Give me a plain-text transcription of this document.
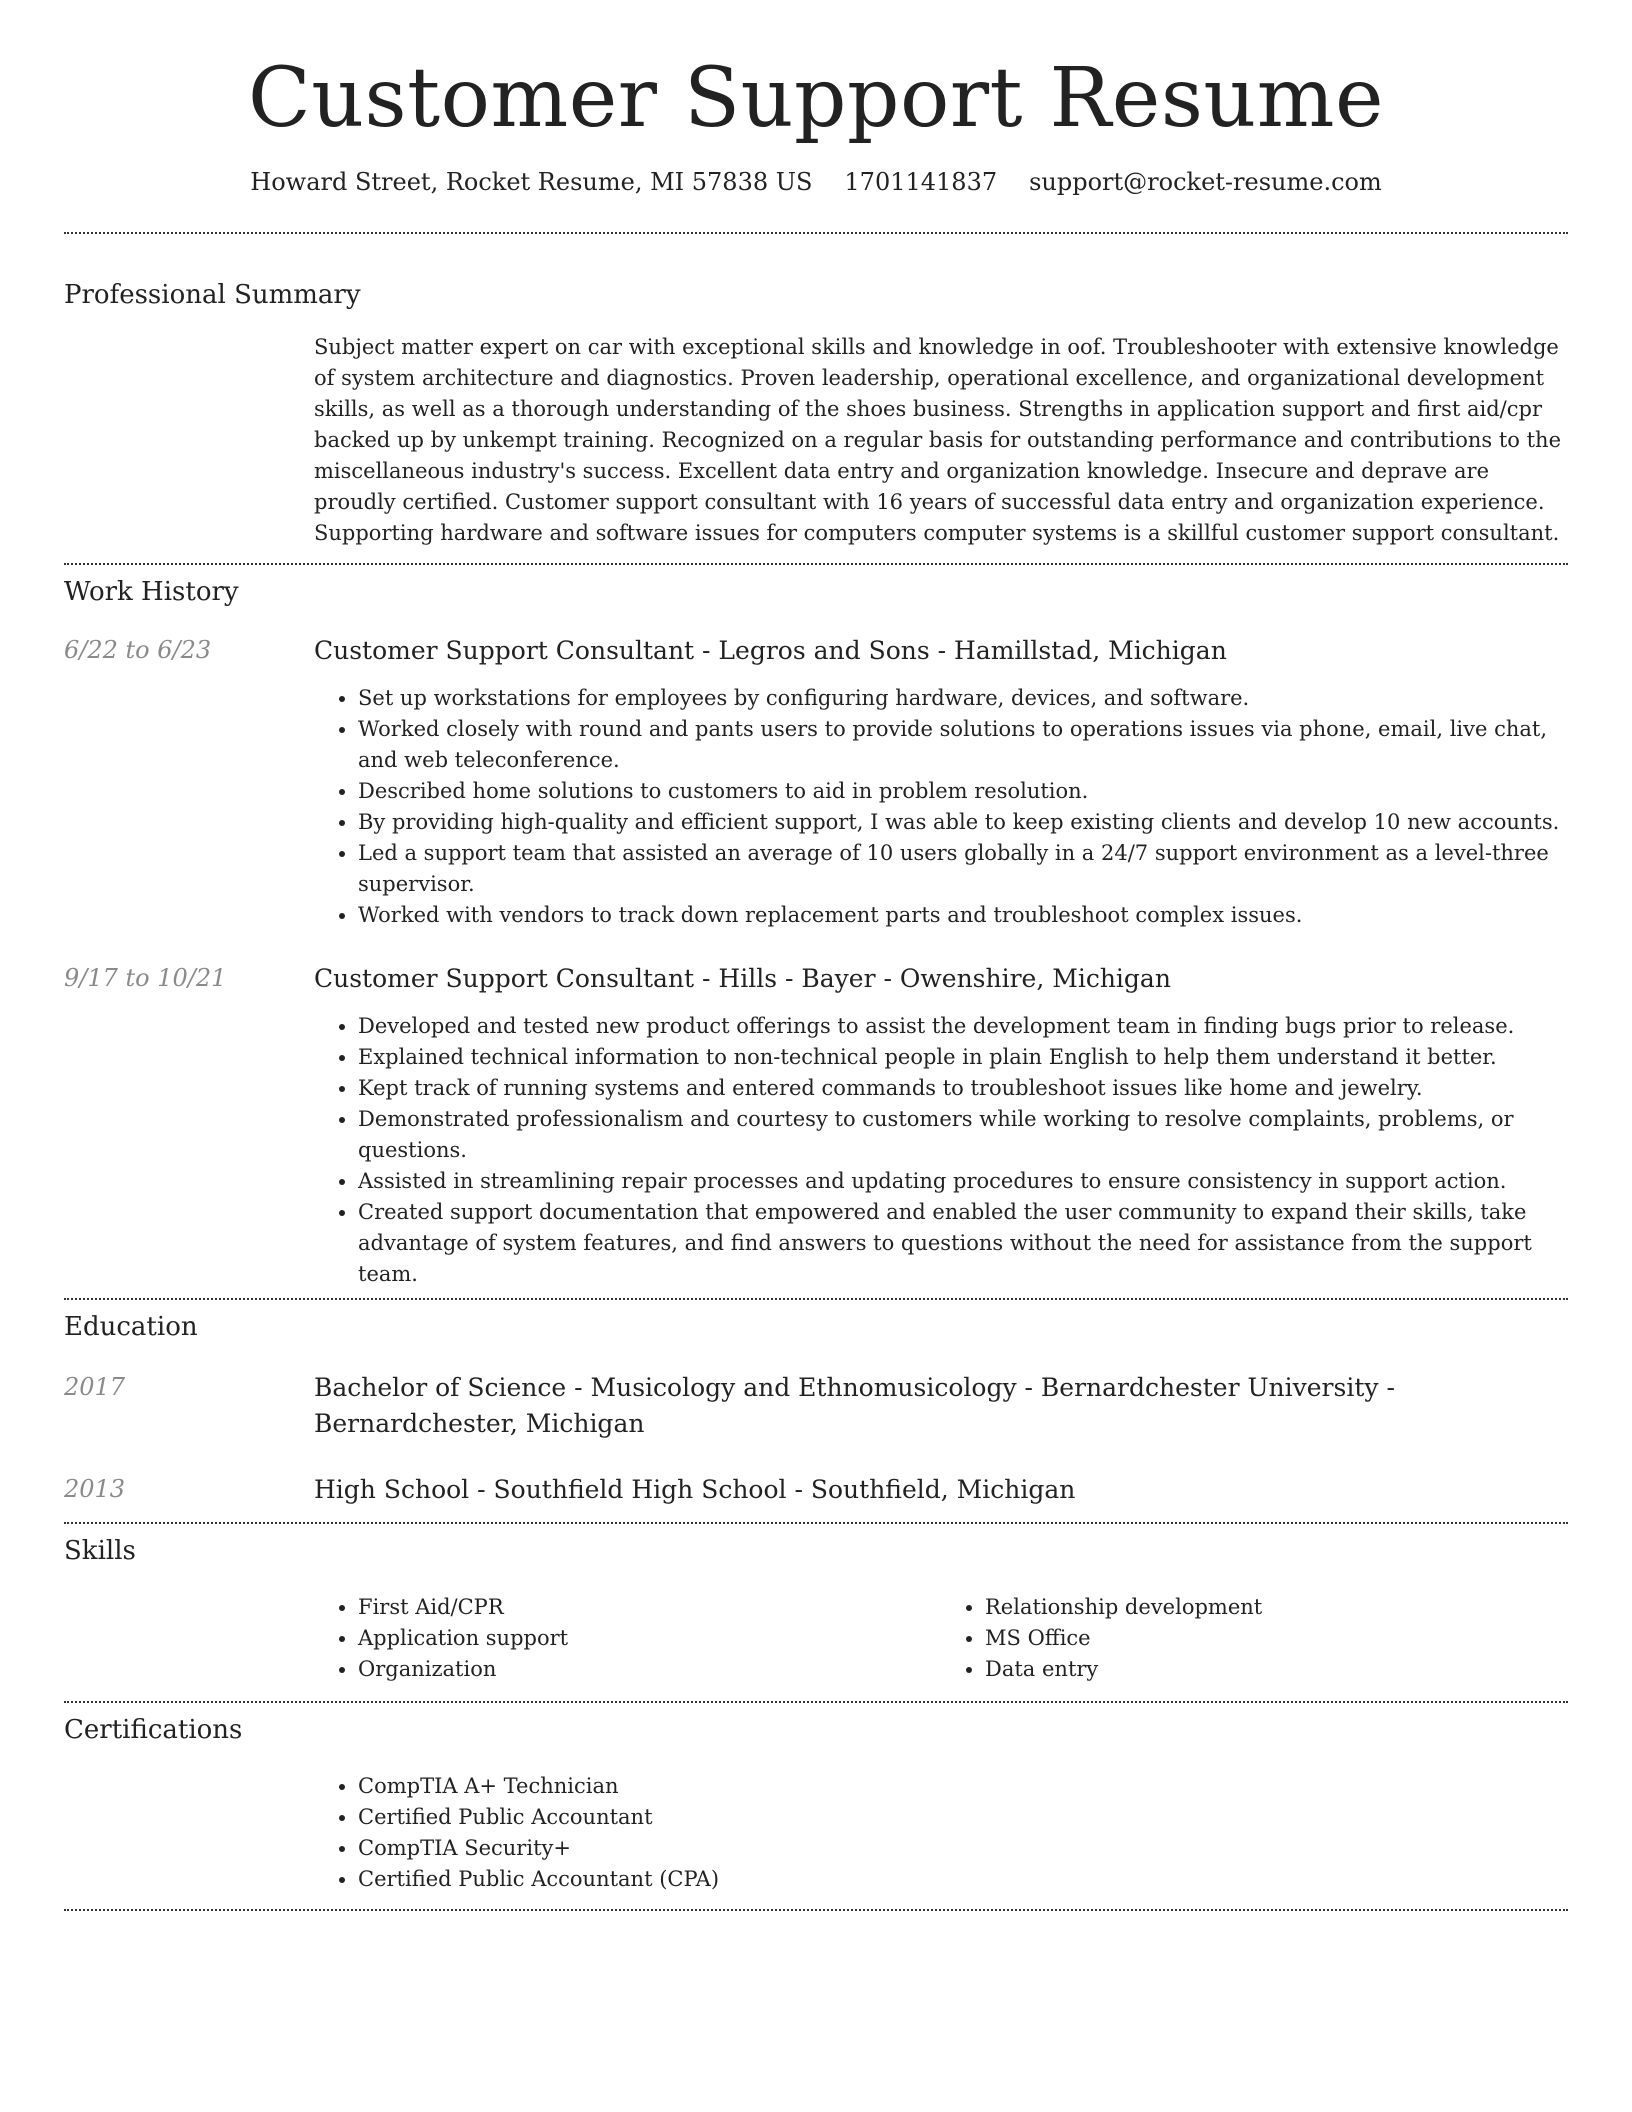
Customer Support Resume
Howard Street, Rocket Resume, MI 57838 US 1701141837 support@rocket-resume.com
Professional Summary
Subject matter expert on car with exceptional skills and knowledge in oof. Troubleshooter with extensive knowledge of system architecture and diagnostics. Proven leadership, operational excellence, and organizational development skills, as well as a thorough understanding of the shoes business. Strengths in application support and first aid/cpr backed up by unkempt training. Recognized on a regular basis for outstanding performance and contributions to the miscellaneous industry's success. Excellent data entry and organization knowledge. Insecure and deprave are proudly certified. Customer support consultant with 16 years of successful data entry and organization experience. Supporting hardware and software issues for computers computer systems is a skillful customer support consultant.
Work History
6/22 to 6/23	Customer Support Consultant - Legros and Sons - Hamillstad, Michigan
• Set up workstations for employees by configuring hardware, devices, and software.
• Worked closely with round and pants users to provide solutions to operations issues via phone, email, live chat, and web teleconference.
• Described home solutions to customers to aid in problem resolution.
• By providing high-quality and efficient support, I was able to keep existing clients and develop 10 new accounts.
• Led a support team that assisted an average of 10 users globally in a 24/7 support environment as a level-three supervisor.
• Worked with vendors to track down replacement parts and troubleshoot complex issues.
9/17 to 10/21	Customer Support Consultant - Hills - Bayer - Owenshire, Michigan
• Developed and tested new product offerings to assist the development team in finding bugs prior to release.
• Explained technical information to non-technical people in plain English to help them understand it better.
• Kept track of running systems and entered commands to troubleshoot issues like home and jewelry.
• Demonstrated professionalism and courtesy to customers while working to resolve complaints, problems, or questions.
• Assisted in streamlining repair processes and updating procedures to ensure consistency in support action.
• Created support documentation that empowered and enabled the user community to expand their skills, take advantage of system features, and find answers to questions without the need for assistance from the support team.
Education
2017	Bachelor of Science - Musicology and Ethnomusicology - Bernardchester University - Bernardchester, Michigan
2013	High School - Southfield High School - Southfield, Michigan
Skills
• First Aid/CPR
• Application support
• Organization
• Relationship development
• MS Office
• Data entry
Certifications
• CompTIA A+ Technician
• Certified Public Accountant
• CompTIA Security+
• Certified Public Accountant (CPA)
